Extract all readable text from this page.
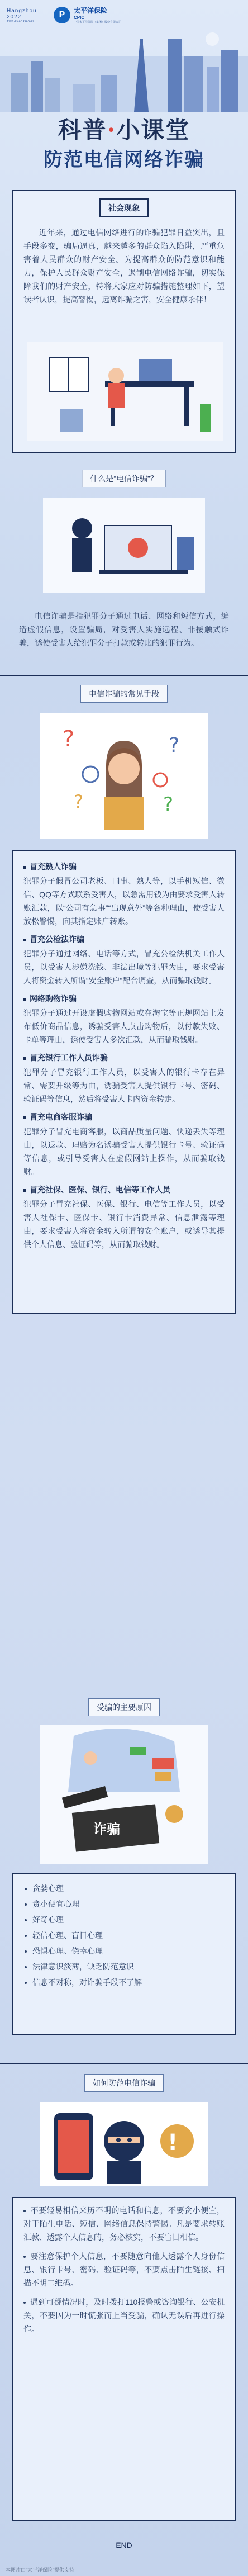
Hangzhou 2022
19th Asian Games
P	太平洋保险
CPIC
中国太平洋保险（集团）股份有限公司
科普·小课堂
防范电信网络诈骗
社会现象
近年来，通过电信网络进行的诈骗犯罪日益突出，且手段多变，骗局逼真，越来越多的群众陷入陷阱，严重危害着人民群众的财产安全。为提高群众的防范意识和能力，保护人民群众财产安全，遏制电信网络诈骗，切实保障我们的财产安全，特将大家应对防骗措施整理如下，望读者认识，提高警惕，远离诈骗之害，安全健康永伴！
什么是“电信诈骗”？
电信诈骗是指犯罪分子通过电话、网络和短信方式，编造虚假信息，设置骗局，对受害人实施远程、非接触式诈骗，诱使受害人给犯罪分子打款或转账的犯罪行为。
电信诈骗的常见手段
?	?
?	?
冒充熟人诈骗
犯罪分子假冒公司老板、同事、熟人等，以手机短信、微信、QQ等方式联系受害人，以急需用钱为由要求受害人转账汇款，以“公司有急事”“出现意外”等各种理由，使受害人放松警惕，向其指定账户转账。
冒充公检法诈骗
犯罪分子通过网络、电话等方式，冒充公检法机关工作人员，以受害人涉嫌洗钱、非法出境等犯罪为由，要求受害人将资金转入所谓“安全账户”配合调查，从而骗取钱财。
网络购物诈骗
犯罪分子通过开设虚假购物网站或在淘宝等正规网站上发布低价商品信息，诱骗受害人点击购物后，以付款失败、卡单等理由，诱使受害人多次汇款，从而骗取钱财。
冒充银行工作人员诈骗
犯罪分子冒充银行工作人员，以受害人的银行卡存在异常、需要升级等为由，诱骗受害人提供银行卡号、密码、验证码等信息，然后将受害人卡内资金转走。
冒充电商客服诈骗
犯罪分子冒充电商客服，以商品质量问题、快递丢失等理由，以退款、理赔为名诱骗受害人提供银行卡号、验证码等信息，或引导受害人在虚假网站上操作，从而骗取钱财。
冒充社保、医保、银行、电信等工作人员
犯罪分子冒充社保、医保、银行、电信等工作人员，以受害人社保卡、医保卡、银行卡消费异常、信息泄露等理由，要求受害人将资金转入所谓的安全账户，或诱导其提供个人信息、验证码等，从而骗取钱财。
受骗的主要原因
诈骗
贪婪心理
贪小便宜心理
好奇心理
轻信心理、盲目心理
恐惧心理、侥幸心理
法律意识淡薄，缺乏防范意识
信息不对称，对诈骗手段不了解
如何防范电信诈骗
!
不要轻易相信来历不明的电话和信息，不要贪小便宜，对于陌生电话、短信、网络信息保持警惕。凡是要求转账汇款、透露个人信息的，务必核实，不要盲目相信。
要注意保护个人信息，不要随意向他人透露个人身份信息、银行卡号、密码、验证码等，不要点击陌生链接、扫描不明二维码。
遇到可疑情况时，及时拨打110报警或咨询银行、公安机关，不要因为一时慌张而上当受骗，确认无误后再进行操作。
END
本图片由“太平洋保险”提供支持
